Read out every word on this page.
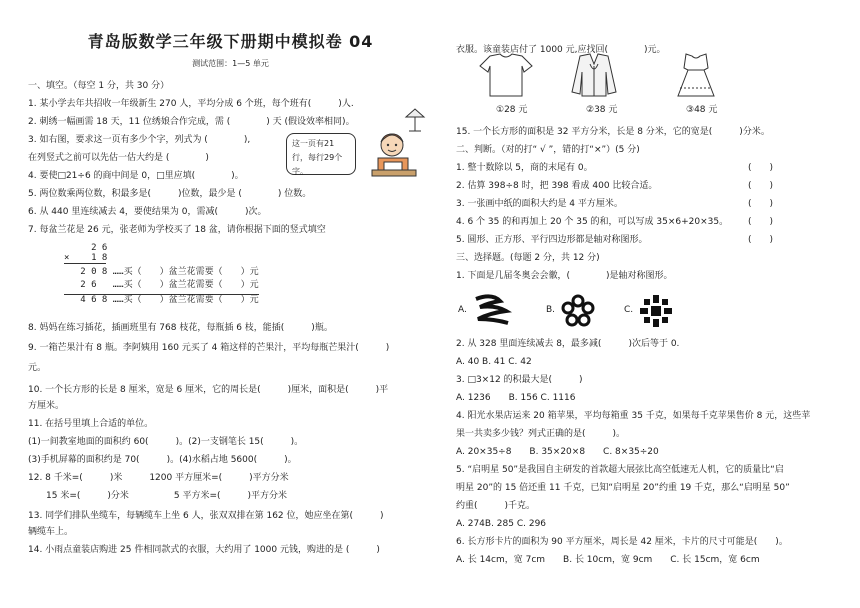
青岛版数学三年级下册期中模拟卷 04
测试范围：1—5 单元
一、填空。（每空 1 分，共 30 分）
1. 某小学去年共招收一年级新生 270 人，平均分成 6 个班，每个班有(　　　)人.
2. 刺绣一幅画需 18 天，11 位绣娘合作完成，需 (　　　　) 天 (假设效率相同)。
3. 如右图，要求这一页有多少个字，列式为 (　　　　),
在列竖式之前可以先估一估大约是 (　　　　)
这一页有21行，每行29个字。
4. 要使□21÷6 的商中间是 0，□里应填(　　　　)。
5. 两位数乘两位数，积最多是(　　　)位数，最少是 (　　　　) 位数。
6. 从 440 里连续减去 4，要使结果为 0，需减(　　　)次。
7. 每盆兰花是 26 元，张老师为学校买了 18 盆，请你根据下面的竖式填空
2 6
×    1 8
2 0 8 ……买（　　）盆兰花需要（　　）元
2 6   ……买（　　）盆兰花需要（　　）元
4 6 8 ……买（　　）盆兰花需要（　　）元
8. 妈妈在练习插花，插画班里有 768 枝花，每瓶插 6 枝，能插(　　　)瓶。
9. 一箱芒果汁有 8 瓶。李阿姨用 160 元买了 4 箱这样的芒果汁，平均每瓶芒果汁(　　　)
元。
10. 一个长方形的长是 8 厘米，宽是 6 厘米，它的周长是(　　　)厘米，面积是(　　　)平
方厘米。
11. 在括号里填上合适的单位。
(1)一间教室地面的面积约 60(　　　)。(2)一支钢笔长 15(　　　)。
(3)手机屏幕的面积约是 70(　　　)。(4)水稻占地 5600(　　　)。
12. 8 千米=(　　　)米　　　1200 平方厘米=(　　　)平方分米
　　15 米=(　　　)分米　　　　　5 平方米=(　　　)平方分米
13. 同学们排队坐缆车，每辆缆车上坐 6 人，张双双排在第 162 位，她应坐在第(　　　)
辆缆车上。
14. 小雨点童装店购进 25 件相同款式的衣服，大约用了 1000 元钱，购进的是 (　　　)
衣服。该童装店付了 1000 元,应找回(　　　　)元。
①28 元	②38 元	③48 元
15. 一个长方形的面积是 32 平方分米，长是 8 分米，它的宽是(　　　)分米。
二、判断。（对的打“ √ ”，错的打“×”）(5 分)
1. 整十数除以 5，商的末尾有 0。	(　　)
2. 估算 398÷8 时，把 398 看成 400 比较合适。	(　　)
3. 一张画中纸的面积大约是 4 平方厘米。	(　　)
4. 6 个 35 的和再加上 20 个 35 的和，可以写成 35×6+20×35。 (　　)
5. 圆形、正方形、平行四边形都是轴对称图形。	(　　)
三、选择题。(每题 2 分，共 12 分)
1. 下面是几届冬奥会会徽，(　　　　)是轴对称图形。
A.	B.	C.
2. 从 328 里面连续减去 8，最多减(　　　)次后等于 0.
A. 40 B. 41 C. 42
3. □3×12 的积最大是(　　　)
A. 1236　　B. 156 C. 1116
4. 阳光水果店运来 20 箱苹果，平均每箱重 35 千克，如果每千克苹果售价 8 元，这些苹
果一共卖多少钱？列式正确的是(　　　)。
A. 20×35÷8　　B. 35×20×8　　C. 8×35÷20
5. “启明星 50”是我国自主研发的首款超大展弦比高空低速无人机，它的质量比“启
明星 20”的 15 倍还重 11 千克，已知“启明星 20”约重 19 千克，那么“启明星 50”
约重(　　　)千克。
A. 274B. 285 C. 296
6. 长方形卡片的面积为 90 平方厘米，周长是 42 厘米，卡片的尺寸可能是(　　)。
A. 长 14cm，宽 7cm　　B. 长 10cm，宽 9cm　　C. 长 15cm，宽 6cm
